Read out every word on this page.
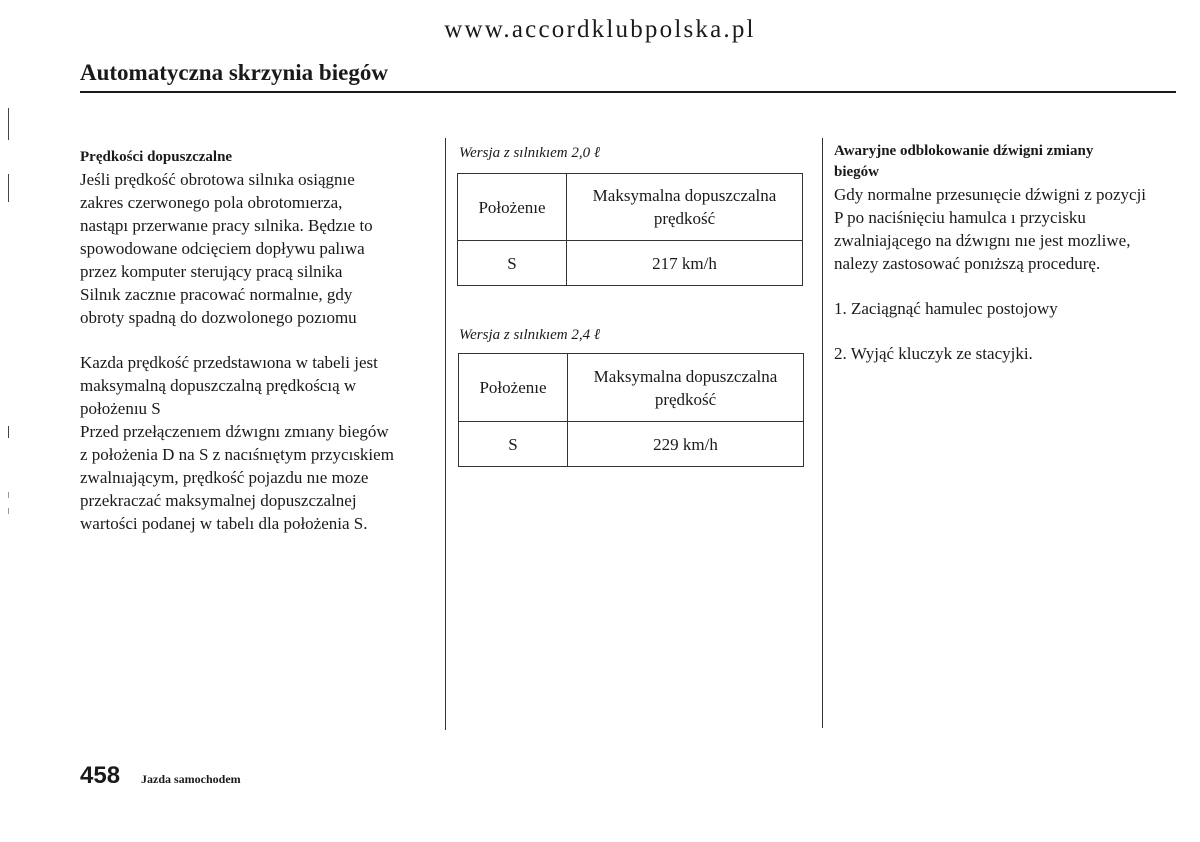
www.accordklubpolska.pl
Automatyczna skrzynia biegów
Prędkości dopuszczalne
Jeśli prędkość obrotowa silnıka osiągnıe
zakres czerwonego pola obrotomıerza,
nastąpı przerwanıe pracy sılnika. Będzıe to
spowodowane odcięciem dopływu palıwa
przez komputer sterujący pracą silnika
Silnık zacznıe pracować normalnıe, gdy
obroty spadną do dozwolonego pozıomu
Kazda prędkość przedstawıona w tabeli jest
maksymalną dopuszczalną prędkoścıą w
położenıu S
Przed przełączenıem dźwıgnı zmıany biegów
z położenia D na S z nacıśnıętym przycıskiem
zwalnıającym, prędkość pojazdu nıe moze
przekraczać maksymalnej dopuszczalnej
wartości podanej w tabelı dla położenia S.
Wersja z sılnıkıem 2,0 ℓ
Położenıe	Maksymalna dopuszczalna
prędkość

S	217 km/h
Wersja z sılnıkıem 2,4 ℓ
Położenıe	Maksymalna dopuszczalna
prędkość

S	229 km/h
Awaryjne odblokowanie dźwigni zmiany
biegów
Gdy normalne przesunıęcie dźwigni z pozycji
P po naciśnięciu hamulca ı przycisku
zwalniającego na dźwıgnı nıe jest mozliwe,
nalezy zastosować ponıższą procedurę.
1. Zaciągnąć hamulec postojowy
2. Wyjąć kluczyk ze stacyjki.
458 Jazda samochodem
